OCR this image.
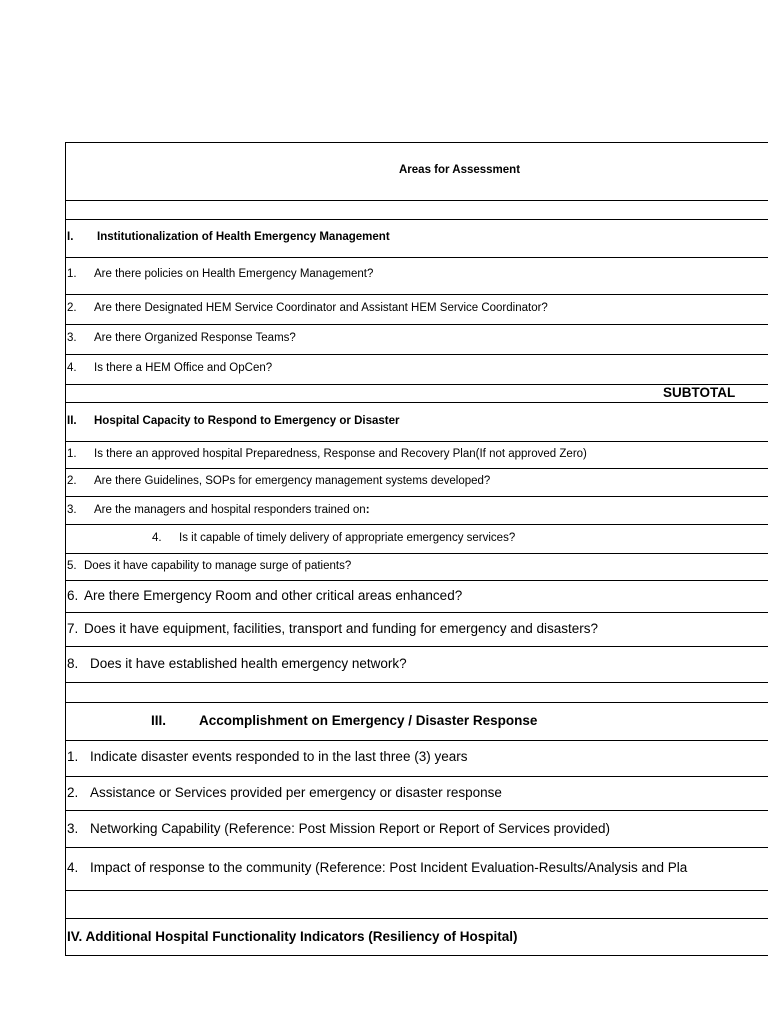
Areas for Assessment
I. Institutionalization of Health Emergency Management
1. Are there policies on Health Emergency Management?
2. Are there Designated HEM Service Coordinator and Assistant HEM Service Coordinator?
3. Are there Organized Response Teams?
4. Is there a HEM Office and OpCen?
SUBTOTAL
II. Hospital Capacity to Respond to Emergency or Disaster
1. Is there an approved hospital Preparedness, Response and Recovery Plan(If not approved Zero)
2. Are there Guidelines, SOPs for emergency management systems developed?
3. Are the managers and hospital responders trained on:
4. Is it capable of timely delivery of appropriate emergency services?
5. Does it have capability to manage surge of patients?
6. Are there Emergency Room and other critical areas enhanced?
7. Does it have equipment, facilities, transport and funding for emergency and disasters?
8. Does it have established health emergency network?
III. Accomplishment on Emergency / Disaster Response
1. Indicate disaster events responded to in the last three (3) years
2. Assistance or Services provided per emergency or disaster response
3. Networking Capability (Reference: Post Mission Report or Report of Services provided)
4. Impact of response to the community (Reference: Post Incident Evaluation-Results/Analysis and Pla
IV. Additional Hospital Functionality Indicators (Resiliency of Hospital)
